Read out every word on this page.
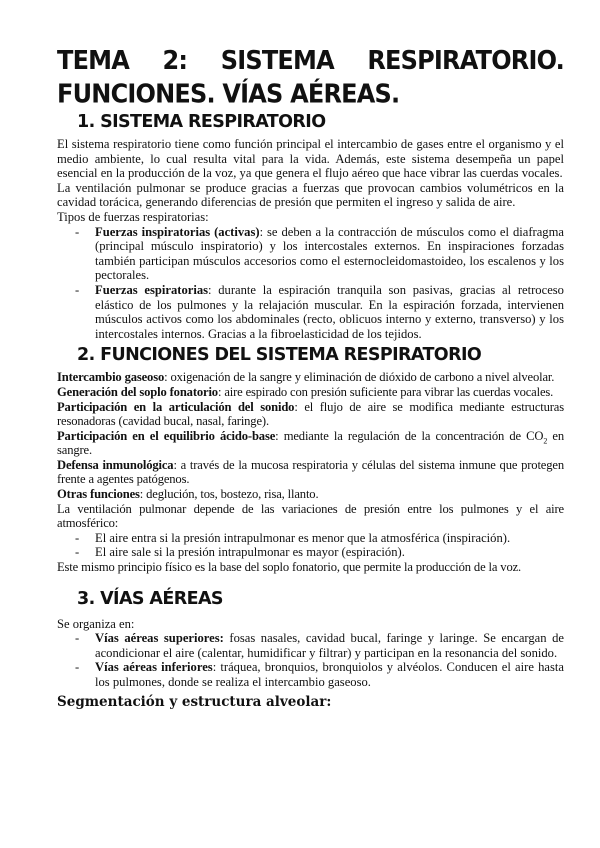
TEMA 2: SISTEMA RESPIRATORIO. FUNCIONES. VÍAS AÉREAS.
1. SISTEMA RESPIRATORIO

El sistema respiratorio tiene como función principal el intercambio de gases entre el organismo y el medio ambiente, lo cual resulta vital para la vida. Además, este sistema desempeña un papel esencial en la producción de la voz, ya que genera el flujo aéreo que hace vibrar las cuerdas vocales.

La ventilación pulmonar se produce gracias a fuerzas que provocan cambios volumétricos en la cavidad torácica, generando diferencias de presión que permiten el ingreso y salida de aire.

Tipos de fuerzas respiratorias:

- Fuerzas inspiratorias (activas): se deben a la contracción de músculos como el diafragma (principal músculo inspiratorio) y los intercostales externos. En inspiraciones forzadas también participan músculos accesorios como el esternocleidomastoideo, los escalenos y los pectorales.
- Fuerzas espiratorias: durante la espiración tranquila son pasivas, gracias al retroceso elástico de los pulmones y la relajación muscular. En la espiración forzada, intervienen músculos activos como los abdominales (recto, oblicuos interno y externo, transverso) y los intercostales internos. Gracias a la fibroelasticidad de los tejidos.
2. FUNCIONES DEL SISTEMA RESPIRATORIO

Intercambio gaseoso: oxigenación de la sangre y eliminación de dióxido de carbono a nivel alveolar.

Generación del soplo fonatorio: aire espirado con presión suficiente para vibrar las cuerdas vocales.

Participación en la articulación del sonido: el flujo de aire se modifica mediante estructuras resonadoras (cavidad bucal, nasal, faringe).

Participación en el equilibrio ácido-base: mediante la regulación de la concentración de $CO_2$ en sangre.

Defensa inmunológica: a través de la mucosa respiratoria y células del sistema inmune que protegen frente a agentes patógenos.

Otras funciones: deglución, tos, bostezo, risa, llanto.

La ventilación pulmonar depende de las variaciones de presión entre los pulmones y el aire atmosférico:

- El aire entra si la presión intrapulmonar es menor que la atmosférica (inspiración).
- El aire sale si la presión intrapulmonar es mayor (espiración).

Este mismo principio físico es la base del soplo fonatorio, que permite la producción de la voz.

3. VÍAS AÉREAS

Se organiza en:

- Vías aéreas superiores: fosas nasales, cavidad bucal, faringe y laringe. Se encargan de acondicionar el aire (calentar, humidificar y filtrar) y participan en la resonancia del sonido.
- Vías aéreas inferiores: tráquea, bronquios, bronquiolos y alvéolos. Conducen el aire hasta los pulmones, donde se realiza el intercambio gaseoso.
Segmentación y estructura alveolar:
